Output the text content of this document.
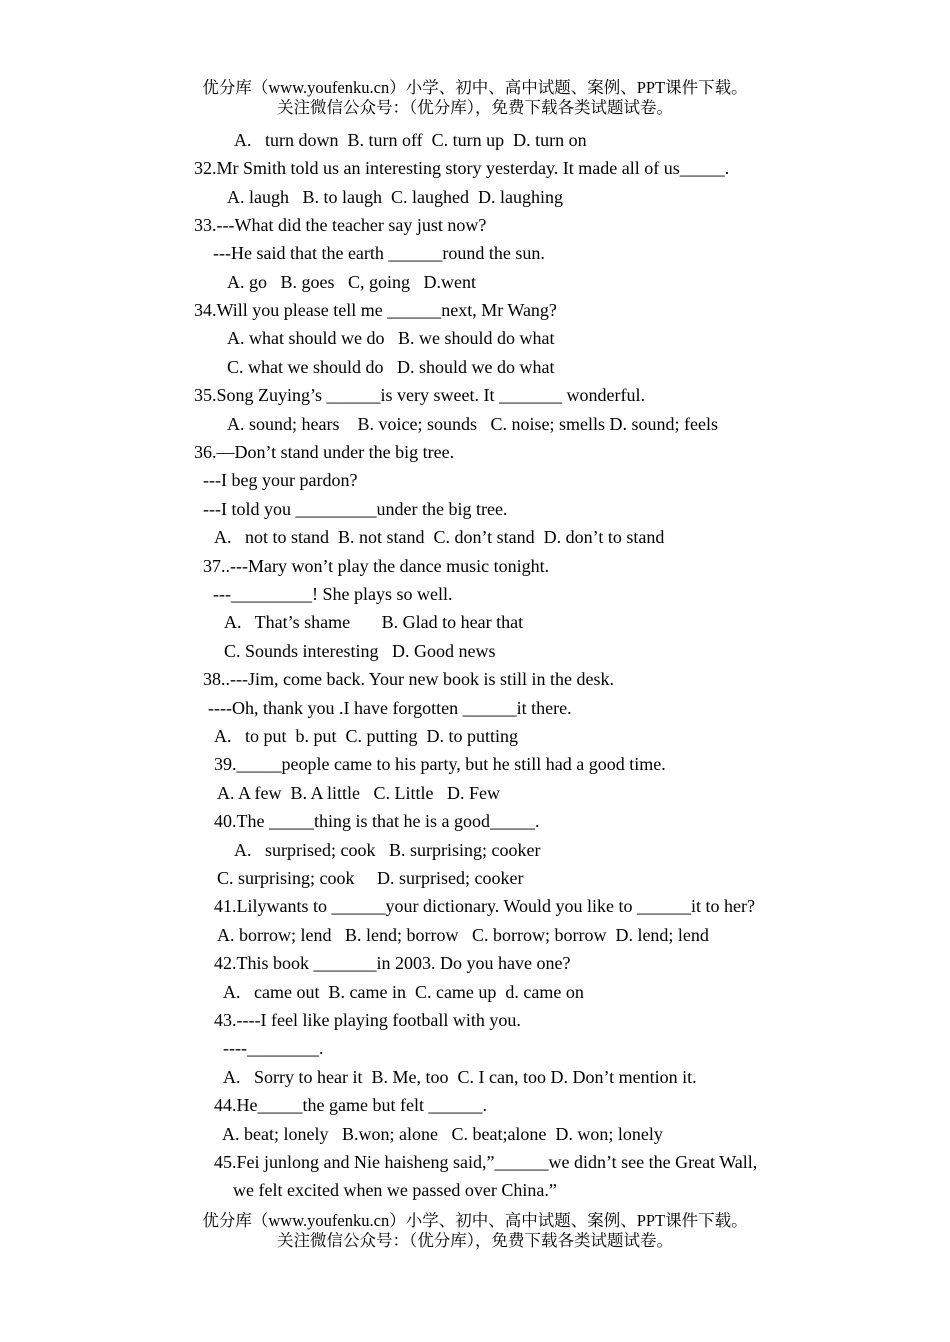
优分库（www.youfenku.cn）小学、初中、高中试题、案例、PPT课件下载。
关注微信公众号：（优分库），免费下载各类试题试卷。
A.   turn down  B. turn off  C. turn up  D. turn on
32.Mr Smith told us an interesting story yesterday. It made all of us_____.
A. laugh   B. to laugh  C. laughed  D. laughing
33.---What did the teacher say just now?
---He said that the earth ______round the sun.
A. go   B. goes   C, going   D.went
34.Will you please tell me ______next, Mr Wang?
A. what should we do   B. we should do what
C. what we should do   D. should we do what
35.Song Zuying’s ______is very sweet. It _______ wonderful.
A. sound; hears    B. voice; sounds   C. noise; smells D. sound; feels
36.—Don’t stand under the big tree.
---I beg your pardon?
---I told you _________under the big tree.
A.   not to stand  B. not stand  C. don’t stand  D. don’t to stand
37..---Mary won’t play the dance music tonight.
---_________! She plays so well.
A.   That’s shame       B. Glad to hear that
C. Sounds interesting   D. Good news
38..---Jim, come back. Your new book is still in the desk.
----Oh, thank you .I have forgotten ______it there.
A.   to put  b. put  C. putting  D. to putting
39._____people came to his party, but he still had a good time.
A. A few  B. A little   C. Little   D. Few
40.The _____thing is that he is a good_____.
A.   surprised; cook   B. surprising; cooker
C. surprising; cook     D. surprised; cooker
41.Lilywants to ______your dictionary. Would you like to ______it to her?
A. borrow; lend   B. lend; borrow   C. borrow; borrow  D. lend; lend
42.This book _______in 2003. Do you have one?
A.   came out  B. came in  C. came up  d. came on
43.----I feel like playing football with you.
----________.
A.   Sorry to hear it  B. Me, too  C. I can, too D. Don’t mention it.
44.He_____the game but felt ______.
A. beat; lonely   B.won; alone   C. beat;alone  D. won; lonely
45.Fei junlong and Nie haisheng said,”______we didn’t see the Great Wall,
we felt excited when we passed over China.”
优分库（www.youfenku.cn）小学、初中、高中试题、案例、PPT课件下载。
关注微信公众号：（优分库），免费下载各类试题试卷。
